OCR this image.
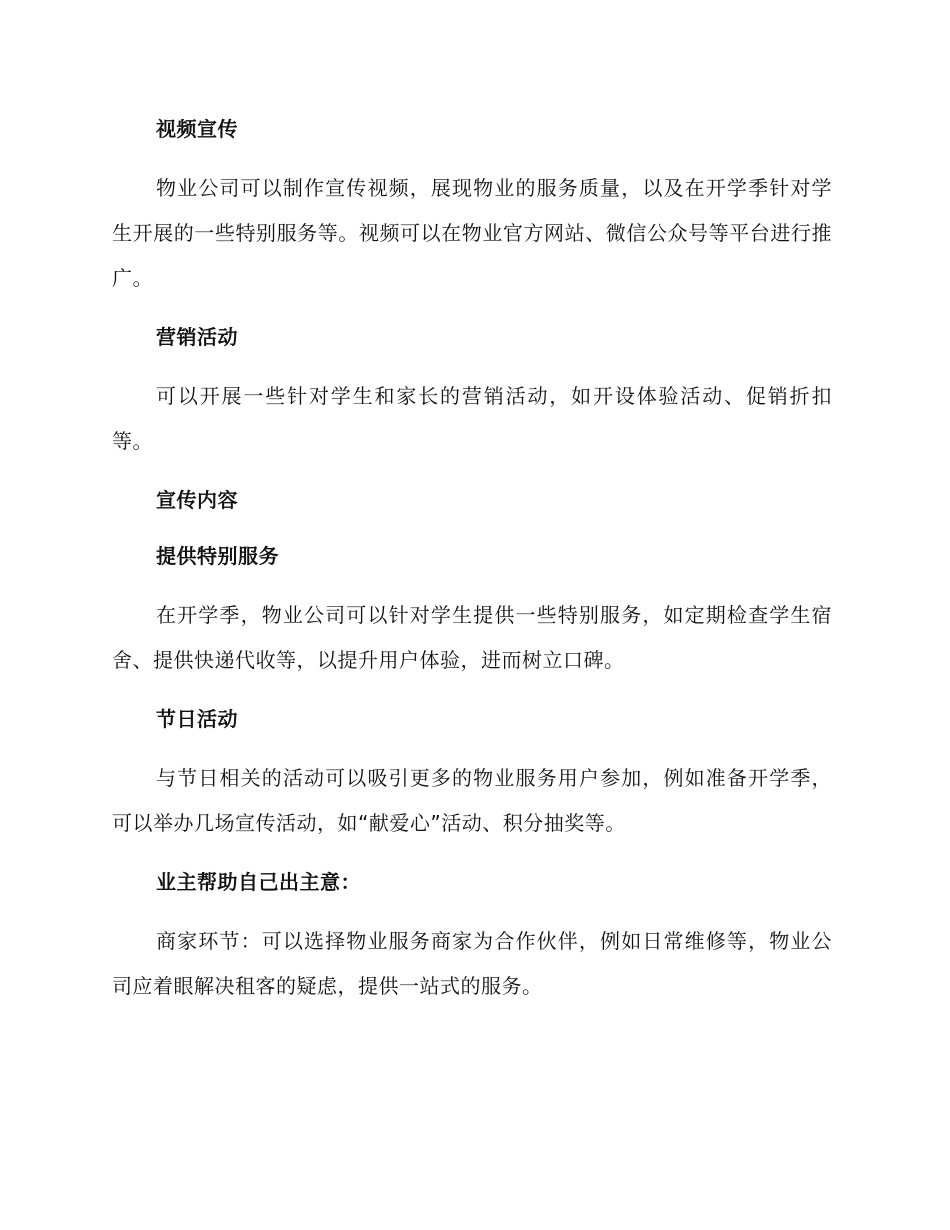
视频宣传
物业公司可以制作宣传视频，展现物业的服务质量，以及在开学季针对学生开展的一些特别服务等。视频可以在物业官方网站、微信公众号等平台进行推广。
营销活动
可以开展一些针对学生和家长的营销活动，如开设体验活动、促销折扣等。
宣传内容
提供特别服务
在开学季，物业公司可以针对学生提供一些特别服务，如定期检查学生宿舍、提供快递代收等，以提升用户体验，进而树立口碑。
节日活动
与节日相关的活动可以吸引更多的物业服务用户参加，例如准备开学季，可以举办几场宣传活动，如“献爱心”活动、积分抽奖等。
业主帮助自己出主意：
商家环节：可以选择物业服务商家为合作伙伴，例如日常维修等，物业公司应着眼解决租客的疑虑，提供一站式的服务。
